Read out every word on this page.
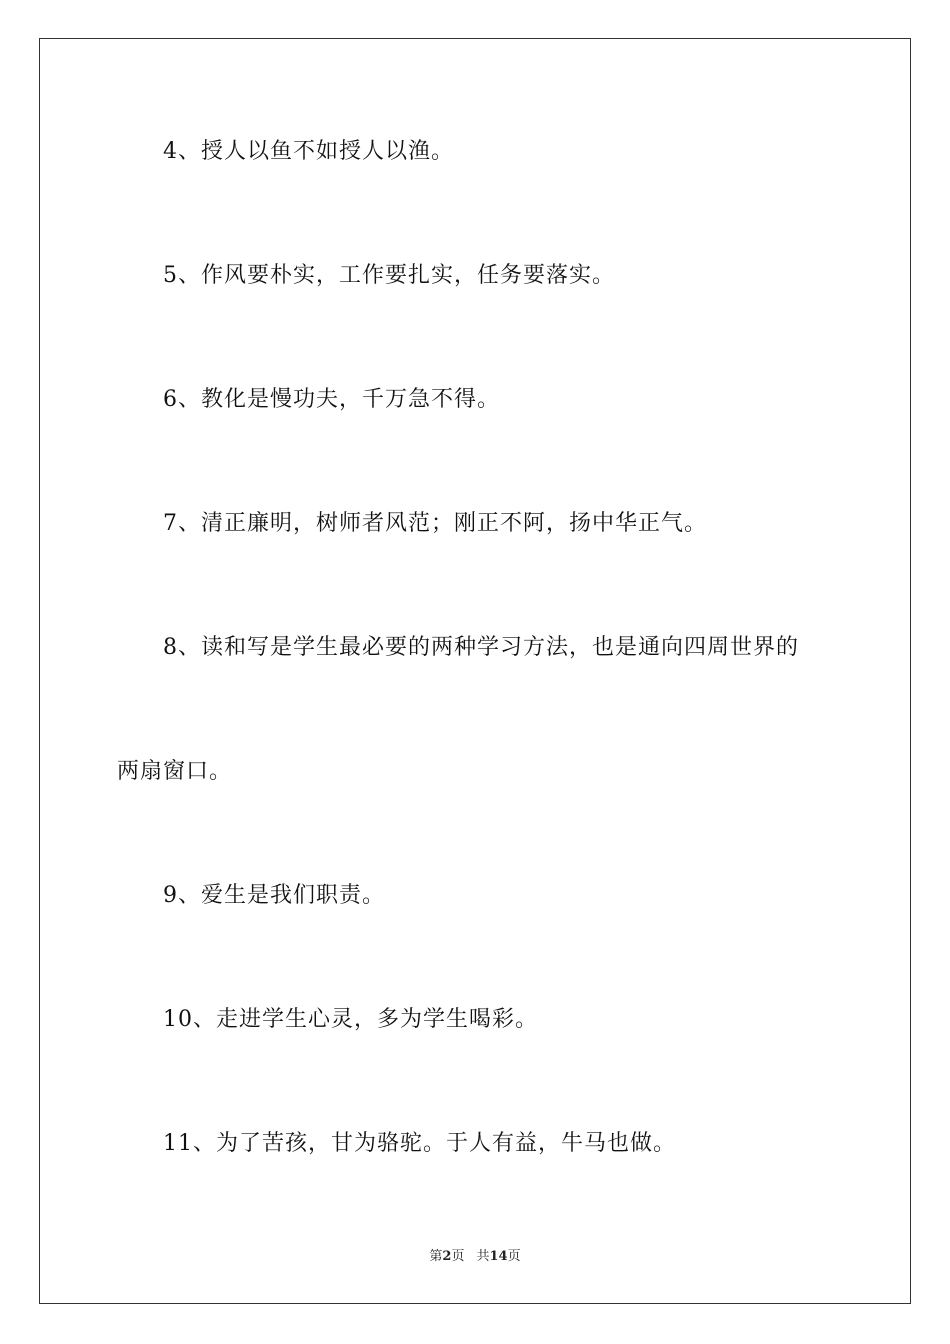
4、授人以鱼不如授人以渔。
5、作风要朴实，工作要扎实，任务要落实。
6、教化是慢功夫，千万急不得。
7、清正廉明，树师者风范；刚正不阿，扬中华正气。
8、读和写是学生最必要的两种学习方法，也是通向四周世界的
两扇窗口。
9、爱生是我们职责。
10、走进学生心灵，多为学生喝彩。
11、为了苦孩，甘为骆驼。于人有益，牛马也做。
第2页 共14页
